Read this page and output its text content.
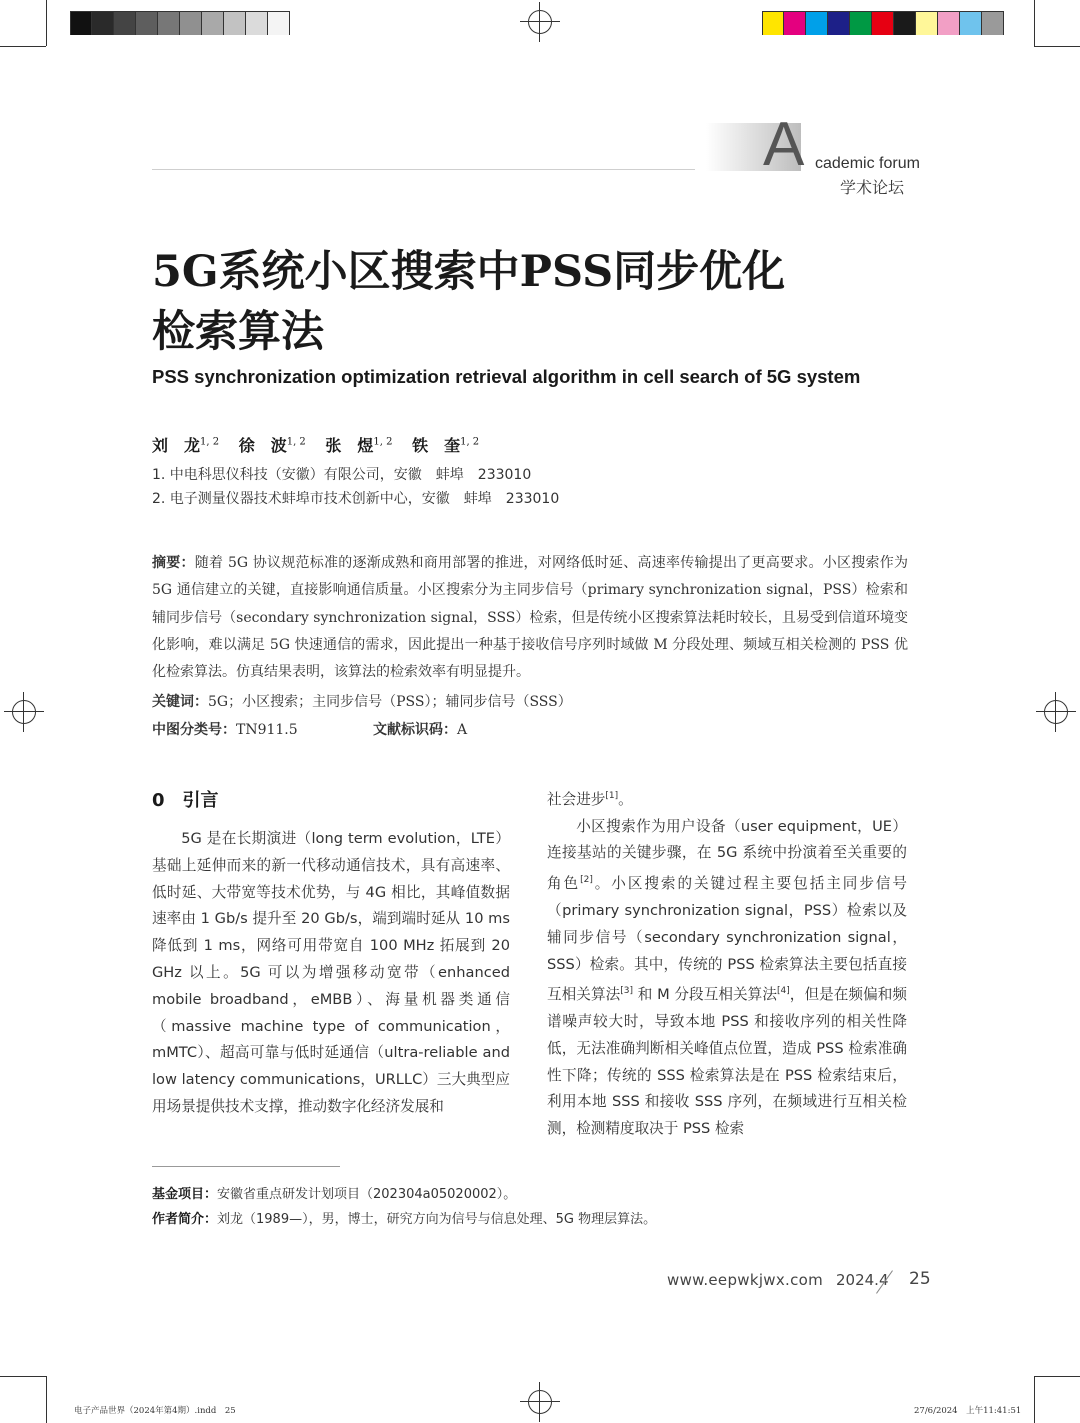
A cademic forum
学术论坛
5G系统小区搜索中PSS同步优化
检索算法
PSS synchronization optimization retrieval algorithm in cell search of 5G system
刘　龙$^{1, 2}$ 徐　波$^{1, 2}$ 张　煜$^{1, 2}$ 铁　奎$^{1, 2}$
1. 中电科思仪科技（安徽）有限公司，安徽　蚌埠　233010
2. 电子测量仪器技术蚌埠市技术创新中心，安徽　蚌埠　233010
摘要：随着 5G 协议规范标准的逐渐成熟和商用部署的推进，对网络低时延、高速率传输提出了更高要求。小区搜索作为 5G 通信建立的关键，直接影响通信质量。小区搜索分为主同步信号（primary synchronization signal，PSS）检索和辅同步信号（secondary synchronization signal，SSS）检索，但是传统小区搜索算法耗时较长，且易受到信道环境变化影响，难以满足 5G 快速通信的需求，因此提出一种基于接收信号序列时域做 M 分段处理、频域互相关检测的 PSS 优化检索算法。仿真结果表明，该算法的检索效率有明显提升。
关键词：5G；小区搜索；主同步信号（PSS）；辅同步信号（SSS）
中图分类号：TN911.5	文献标识码：A
0　引言

5G 是在长期演进（long term evolution，LTE）基础上延伸而来的新一代移动通信技术，具有高速率、低时延、大带宽等技术优势，与 4G 相比，其峰值数据速率由 1 Gb/s 提升至 20 Gb/s，端到端时延从 10 ms 降低到 1 ms，网络可用带宽自 100 MHz 拓展到 20 GHz 以上。5G 可以为增强移动宽带（enhanced mobile broadband，eMBB）、海量机器类通信（massive machine type of communication，mMTC）、超高可靠与低时延通信（ultra-reliable and low latency communications，URLLC）三大典型应用场景提供技术支撑，推动数字化经济发展和

社会进步[1]。

小区搜索作为用户设备（user equipment，UE）连接基站的关键步骤，在 5G 系统中扮演着至关重要的角色[2]。小区搜索的关键过程主要包括主同步信号（primary synchronization signal，PSS）检索以及辅同步信号（secondary synchronization signal，SSS）检索。其中，传统的 PSS 检索算法主要包括直接互相关算法[3] 和 M 分段互相关算法[4]，但是在频偏和频谱噪声较大时，导致本地 PSS 和接收序列的相关性降低，无法准确判断相关峰值点位置，造成 PSS 检索准确性下降；传统的 SSS 检索算法是在 PSS 检索结束后，利用本地 SSS 和接收 SSS 序列，在频域进行互相关检测，检测精度取决于 PSS 检索

基金项目：安徽省重点研发计划项目（202304a05020002）。
作者简介：刘龙（1989—），男，博士，研究方向为信号与信息处理、5G 物理层算法。
www.eepwkjwx.com 2024.4 25
电子产品世界（2024年第4期）.indd　25	27/6/2024　上午11:41:51
